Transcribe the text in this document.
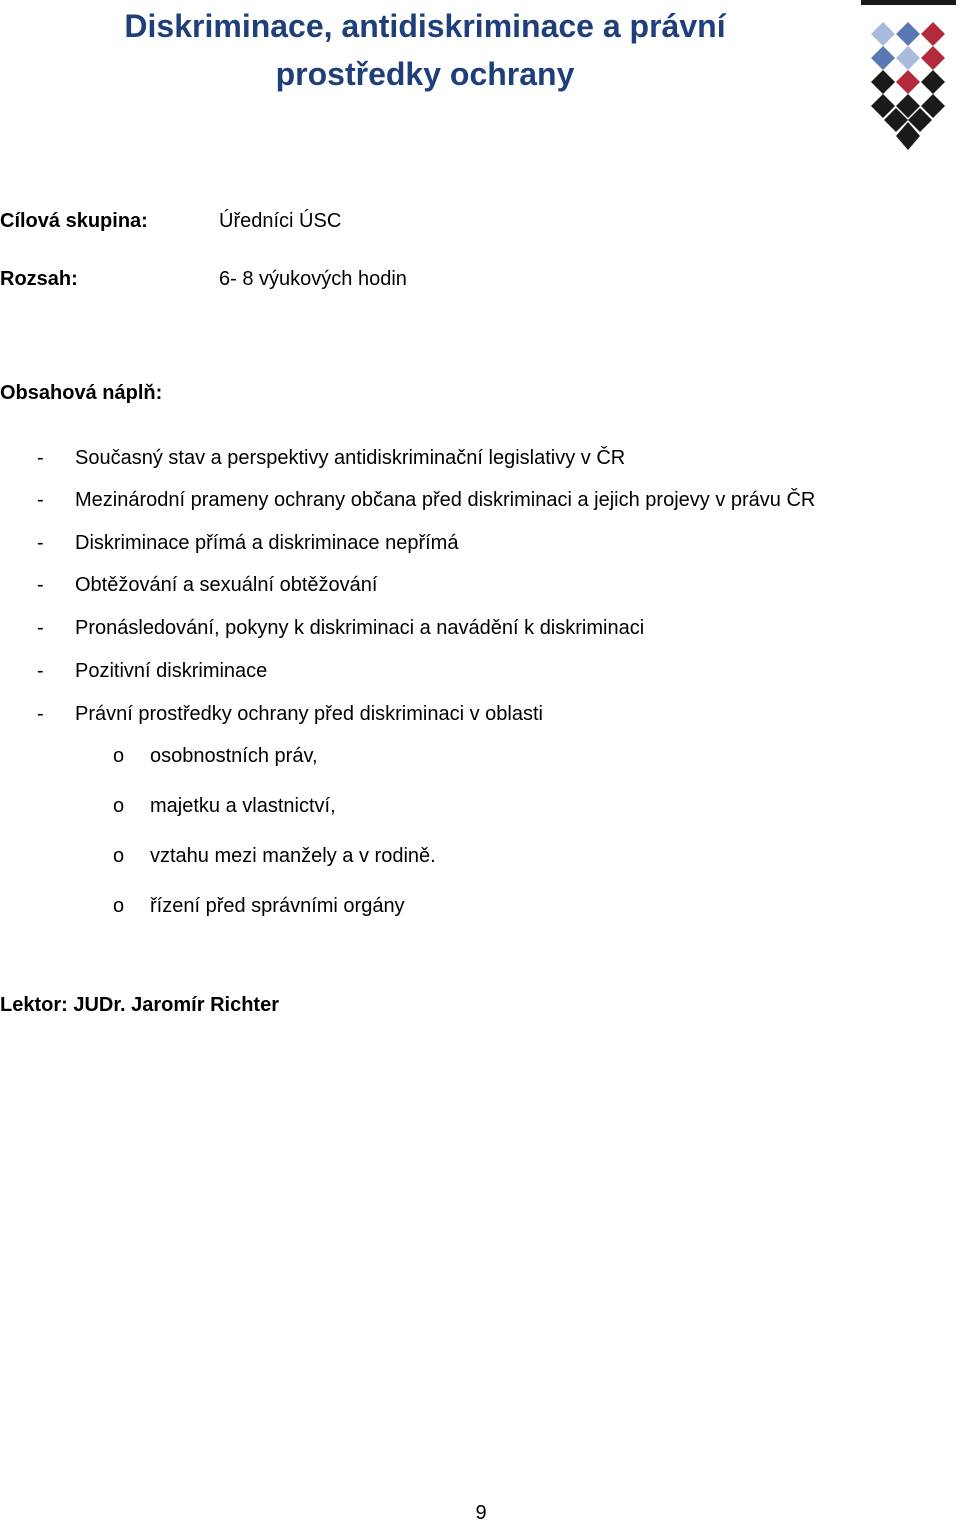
Diskriminace, antidiskriminace a právní
prostředky ochrany
Cílová skupina:	Úředníci ÚSC
Rozsah:	6- 8 výukových hodin
Obsahová náplň:
- Současný stav a perspektivy antidiskriminační legislativy v ČR
- Mezinárodní prameny ochrany občana před diskriminaci a jejich projevy v právu ČR
- Diskriminace přímá a diskriminace nepřímá
- Obtěžování a sexuální obtěžování
- Pronásledování, pokyny k diskriminaci a navádění k diskriminaci
- Pozitivní diskriminace
- Právní prostředky ochrany před diskriminaci v oblasti
o osobnostních práv,
o majetku a vlastnictví,
o vztahu mezi manžely a v rodině.
o řízení před správními orgány
Lektor: JUDr. Jaromír Richter
9
